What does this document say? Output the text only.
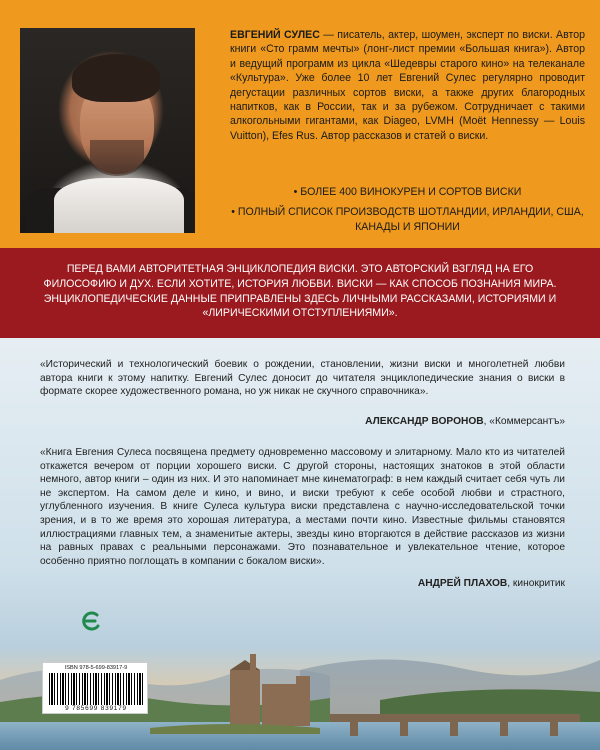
ЕВГЕНИЙ СУЛЕС — писатель, актер, шоумен, эксперт по виски. Автор книги «Сто грамм мечты» (лонг-лист премии «Большая книга»). Автор и ведущий программ из цикла «Шедевры старого кино» на телеканале «Культура». Уже более 10 лет Евгений Сулес регулярно проводит дегустации различных сортов виски, а также других благородных напитков, как в России, так и за рубежом. Сотрудничает с такими алкогольными гигантами, как Diageo, LVMH (Moët Hennessy — Louis Vuitton), Efes Rus. Автор рассказов и статей о виски.
• БОЛЕЕ 400 ВИНОКУРЕН И СОРТОВ ВИСКИ
• ПОЛНЫЙ СПИСОК ПРОИЗВОДСТВ ШОТЛАНДИИ, ИРЛАНДИИ, США, КАНАДЫ И ЯПОНИИ
ПЕРЕД ВАМИ АВТОРИТЕТНАЯ ЭНЦИКЛОПЕДИЯ ВИСКИ. ЭТО АВТОРСКИЙ ВЗГЛЯД НА ЕГО ФИЛОСОФИЮ И ДУХ. ЕСЛИ ХОТИТЕ, ИСТОРИЯ ЛЮБВИ. ВИСКИ — КАК СПОСОБ ПОЗНАНИЯ МИРА. ЭНЦИКЛОПЕДИЧЕСКИЕ ДАННЫЕ ПРИПРАВЛЕНЫ ЗДЕСЬ ЛИЧНЫМИ РАССКАЗАМИ, ИСТОРИЯМИ И «ЛИРИЧЕСКИМИ ОТСТУПЛЕНИЯМИ».
«Исторический и технологический боевик о рождении, становлении, жизни виски и многолетней любви автора книги к этому напитку. Евгений Сулес доносит до читателя энциклопедические знания о виски в формате скорее художественного романа, но уж никак не скучного справочника».
АЛЕКСАНДР ВОРОНОВ, «Коммерсантъ»
«Книга Евгения Сулеса посвящена предмету одновременно массовому и элитарному. Мало кто из читателей откажется вечером от порции хорошего виски. С другой стороны, настоящих знатоков в этой области немного, автор книги – один из них. И это напоминает мне кинематограф: в нем каждый считает себя чуть ли не экспертом. На самом деле и кино, и вино, и виски требуют к себе особой любви и страстного, углубленного изучения. В книге Сулеса культура виски представлена с научно-исследовательской точки зрения, и в то же время это хорошая литература, а местами почти кино. Известные фильмы становятся иллюстрациями главных тем, а знаменитые актеры, звезды кино вторгаются в действие рассказов из жизни на равных правах с реальными персонажами. Это познавательное и увлекательное чтение, которое особенно приятно поглощать в компании с бокалом виски».
АНДРЕЙ ПЛАХОВ, кинокритик
ISBN 978-5-699-83917-9
9 785699 839179
